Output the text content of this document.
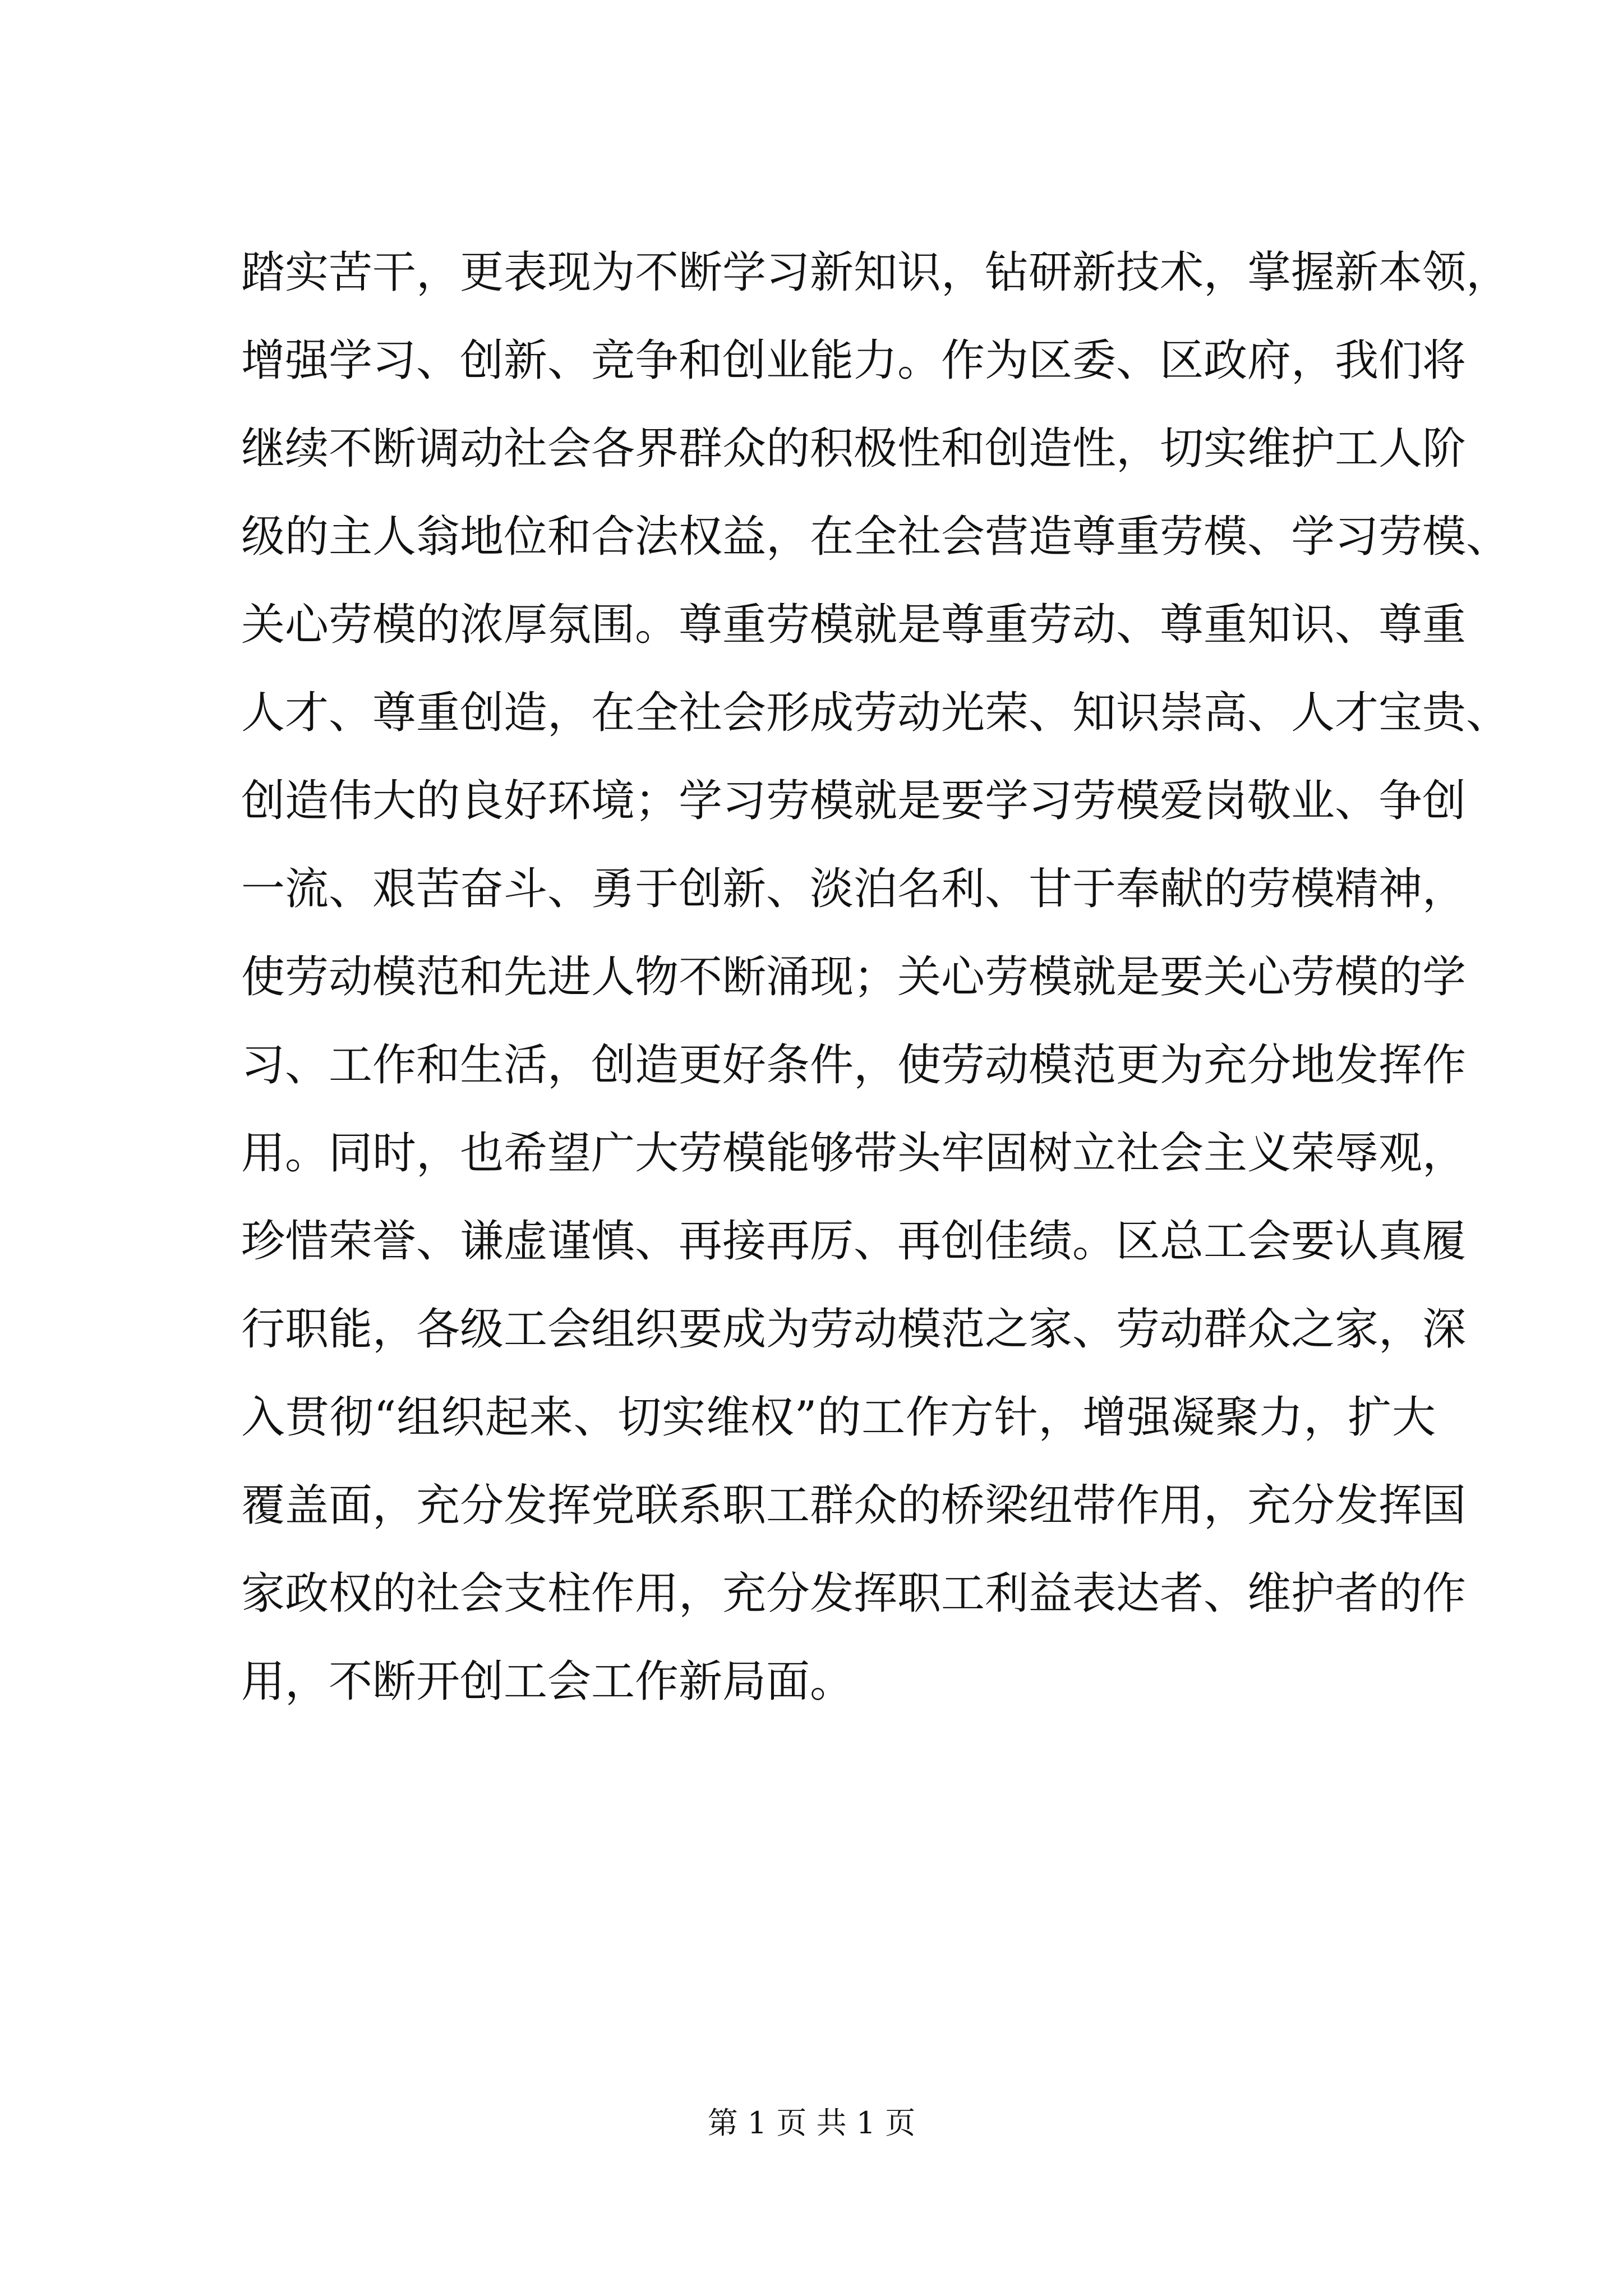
踏实苦干，更表现为不断学习新知识，钻研新技术，掌握新本领，
增强学习、创新、竞争和创业能力。作为区委、区政府，我们将
继续不断调动社会各界群众的积极性和创造性，切实维护工人阶
级的主人翁地位和合法权益，在全社会营造尊重劳模、学习劳模、
关心劳模的浓厚氛围。尊重劳模就是尊重劳动、尊重知识、尊重
人才、尊重创造，在全社会形成劳动光荣、知识崇高、人才宝贵、
创造伟大的良好环境；学习劳模就是要学习劳模爱岗敬业、争创
一流、艰苦奋斗、勇于创新、淡泊名利、甘于奉献的劳模精神，
使劳动模范和先进人物不断涌现；关心劳模就是要关心劳模的学
习、工作和生活，创造更好条件，使劳动模范更为充分地发挥作
用。同时，也希望广大劳模能够带头牢固树立社会主义荣辱观，
珍惜荣誉、谦虚谨慎、再接再厉、再创佳绩。区总工会要认真履
行职能，各级工会组织要成为劳动模范之家、劳动群众之家，深
入贯彻“组织起来、切实维权”的工作方针，增强凝聚力，扩大
覆盖面，充分发挥党联系职工群众的桥梁纽带作用，充分发挥国
家政权的社会支柱作用，充分发挥职工利益表达者、维护者的作
用，不断开创工会工作新局面。
第 1 页 共 1 页
